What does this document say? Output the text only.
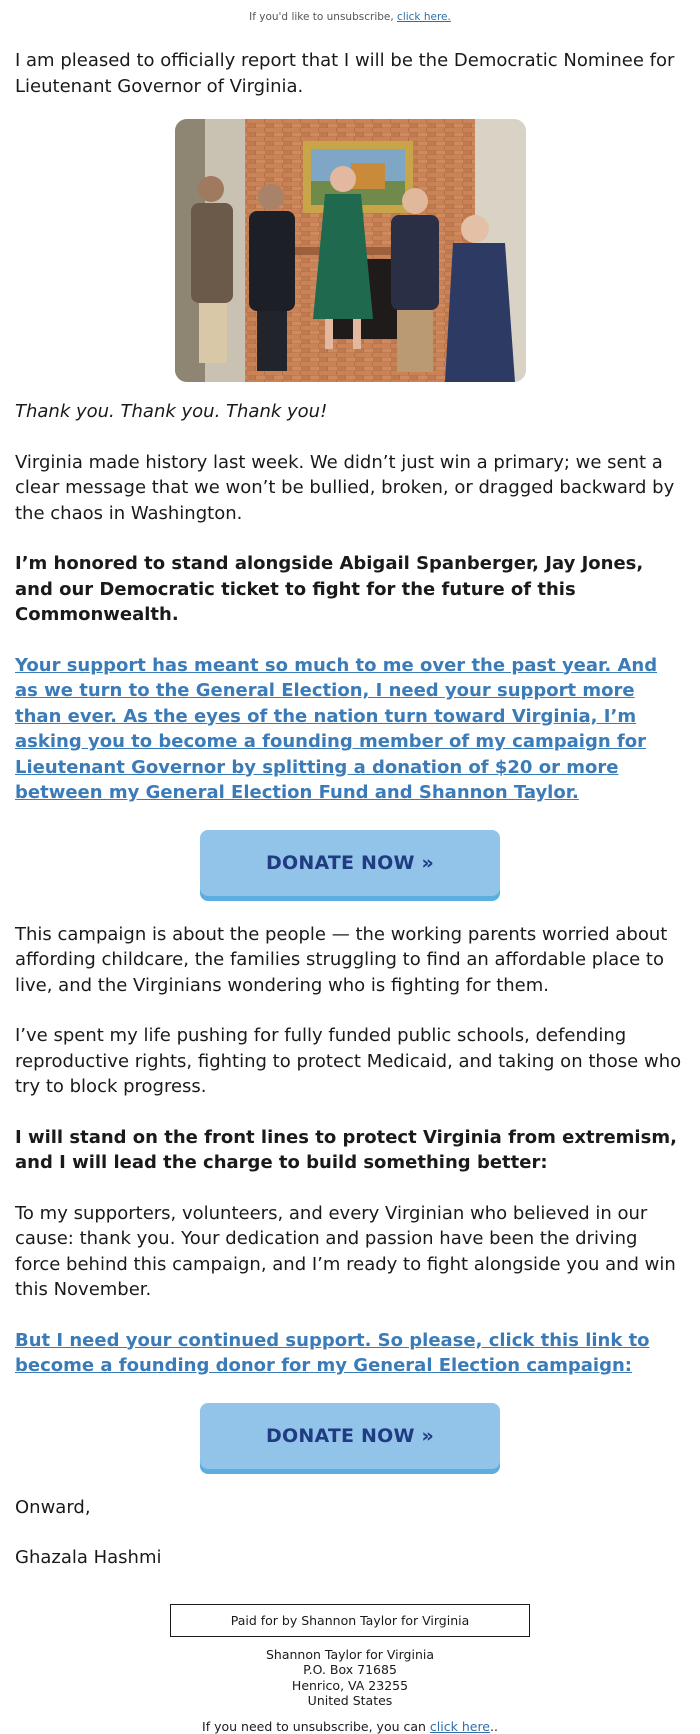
If you'd like to unsubscribe, click here.

I am pleased to officially report that I will be the Democratic Nominee for Lieutenant Governor of Virginia.

Thank you. Thank you. Thank you!

Virginia made history last week. We didn’t just win a primary; we sent a clear message that we won’t be bullied, broken, or dragged backward by the chaos in Washington.

I’m honored to stand alongside Abigail Spanberger, Jay Jones, and our Democratic ticket to fight for the future of this Commonwealth.

Your support has meant so much to me over the past year. And as we turn to the General Election, I need your support more than ever. As the eyes of the nation turn toward Virginia, I’m asking you to become a founding member of my campaign for Lieutenant Governor by splitting a donation of $20 or more between my General Election Fund and Shannon Taylor.

DONATE NOW »

This campaign is about the people — the working parents worried about affording childcare, the families struggling to find an affordable place to live, and the Virginians wondering who is fighting for them.

I’ve spent my life pushing for fully funded public schools, defending reproductive rights, fighting to protect Medicaid, and taking on those who try to block progress.

I will stand on the front lines to protect Virginia from extremism, and I will lead the charge to build something better:

To my supporters, volunteers, and every Virginian who believed in our cause: thank you. Your dedication and passion have been the driving force behind this campaign, and I’m ready to fight alongside you and win this November.

But I need your continued support. So please, click this link to become a founding donor for my General Election campaign:

DONATE NOW »

Onward,

Ghazala Hashmi

Paid for by Shannon Taylor for Virginia
Shannon Taylor for Virginia
P.O. Box 71685
Henrico, VA 23255
United States
If you need to unsubscribe, you can click here..
